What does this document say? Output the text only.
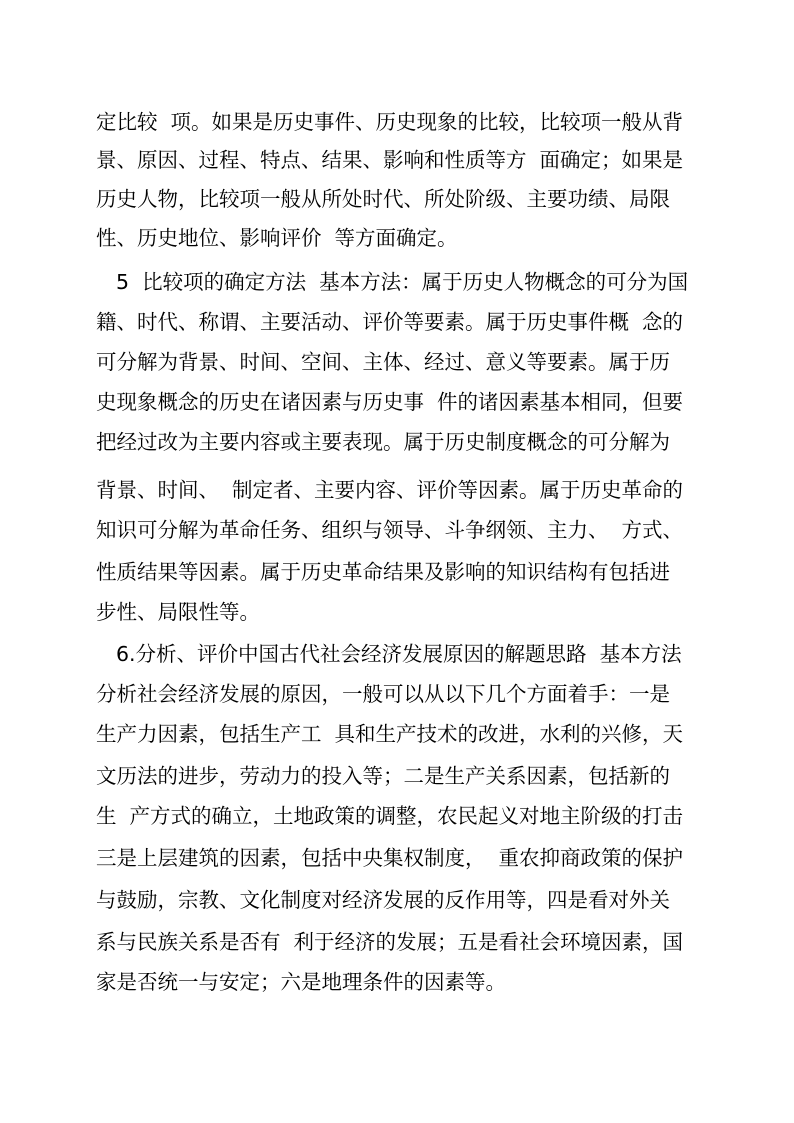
定比较  项。如果是历史事件、历史现象的比较，比较项一般从背
景、原因、过程、特点、结果、影响和性质等方  面确定；如果是
历史人物，比较项一般从所处时代、所处阶级、主要功绩、局限
性、历史地位、影响评价  等方面确定。
5  比较项的确定方法  基本方法：属于历史人物概念的可分为国
籍、时代、称谓、主要活动、评价等要素。属于历史事件概  念的
可分解为背景、时间、空间、主体、经过、意义等要素。属于历
史现象概念的历史在诸因素与历史事  件的诸因素基本相同，但要
把经过改为主要内容或主要表现。属于历史制度概念的可分解为
背景、时间、  制定者、主要内容、评价等因素。属于历史革命的
知识可分解为革命任务、组织与领导、斗争纲领、主力、  方式、
性质结果等因素。属于历史革命结果及影响的知识结构有包括进
步性、局限性等。
6.分析、评价中国古代社会经济发展原因的解题思路  基本方法
分析社会经济发展的原因，一般可以从以下几个方面着手：一是
生产力因素，包括生产工  具和生产技术的改进，水利的兴修，天
文历法的进步，劳动力的投入等；二是生产关系因素，包括新的
生  产方式的确立，土地政策的调整，农民起义对地主阶级的打击
三是上层建筑的因素，包括中央集权制度，  重农抑商政策的保护
与鼓励，宗教、文化制度对经济发展的反作用等，四是看对外关
系与民族关系是否有  利于经济的发展；五是看社会环境因素，国
家是否统一与安定；六是地理条件的因素等。
